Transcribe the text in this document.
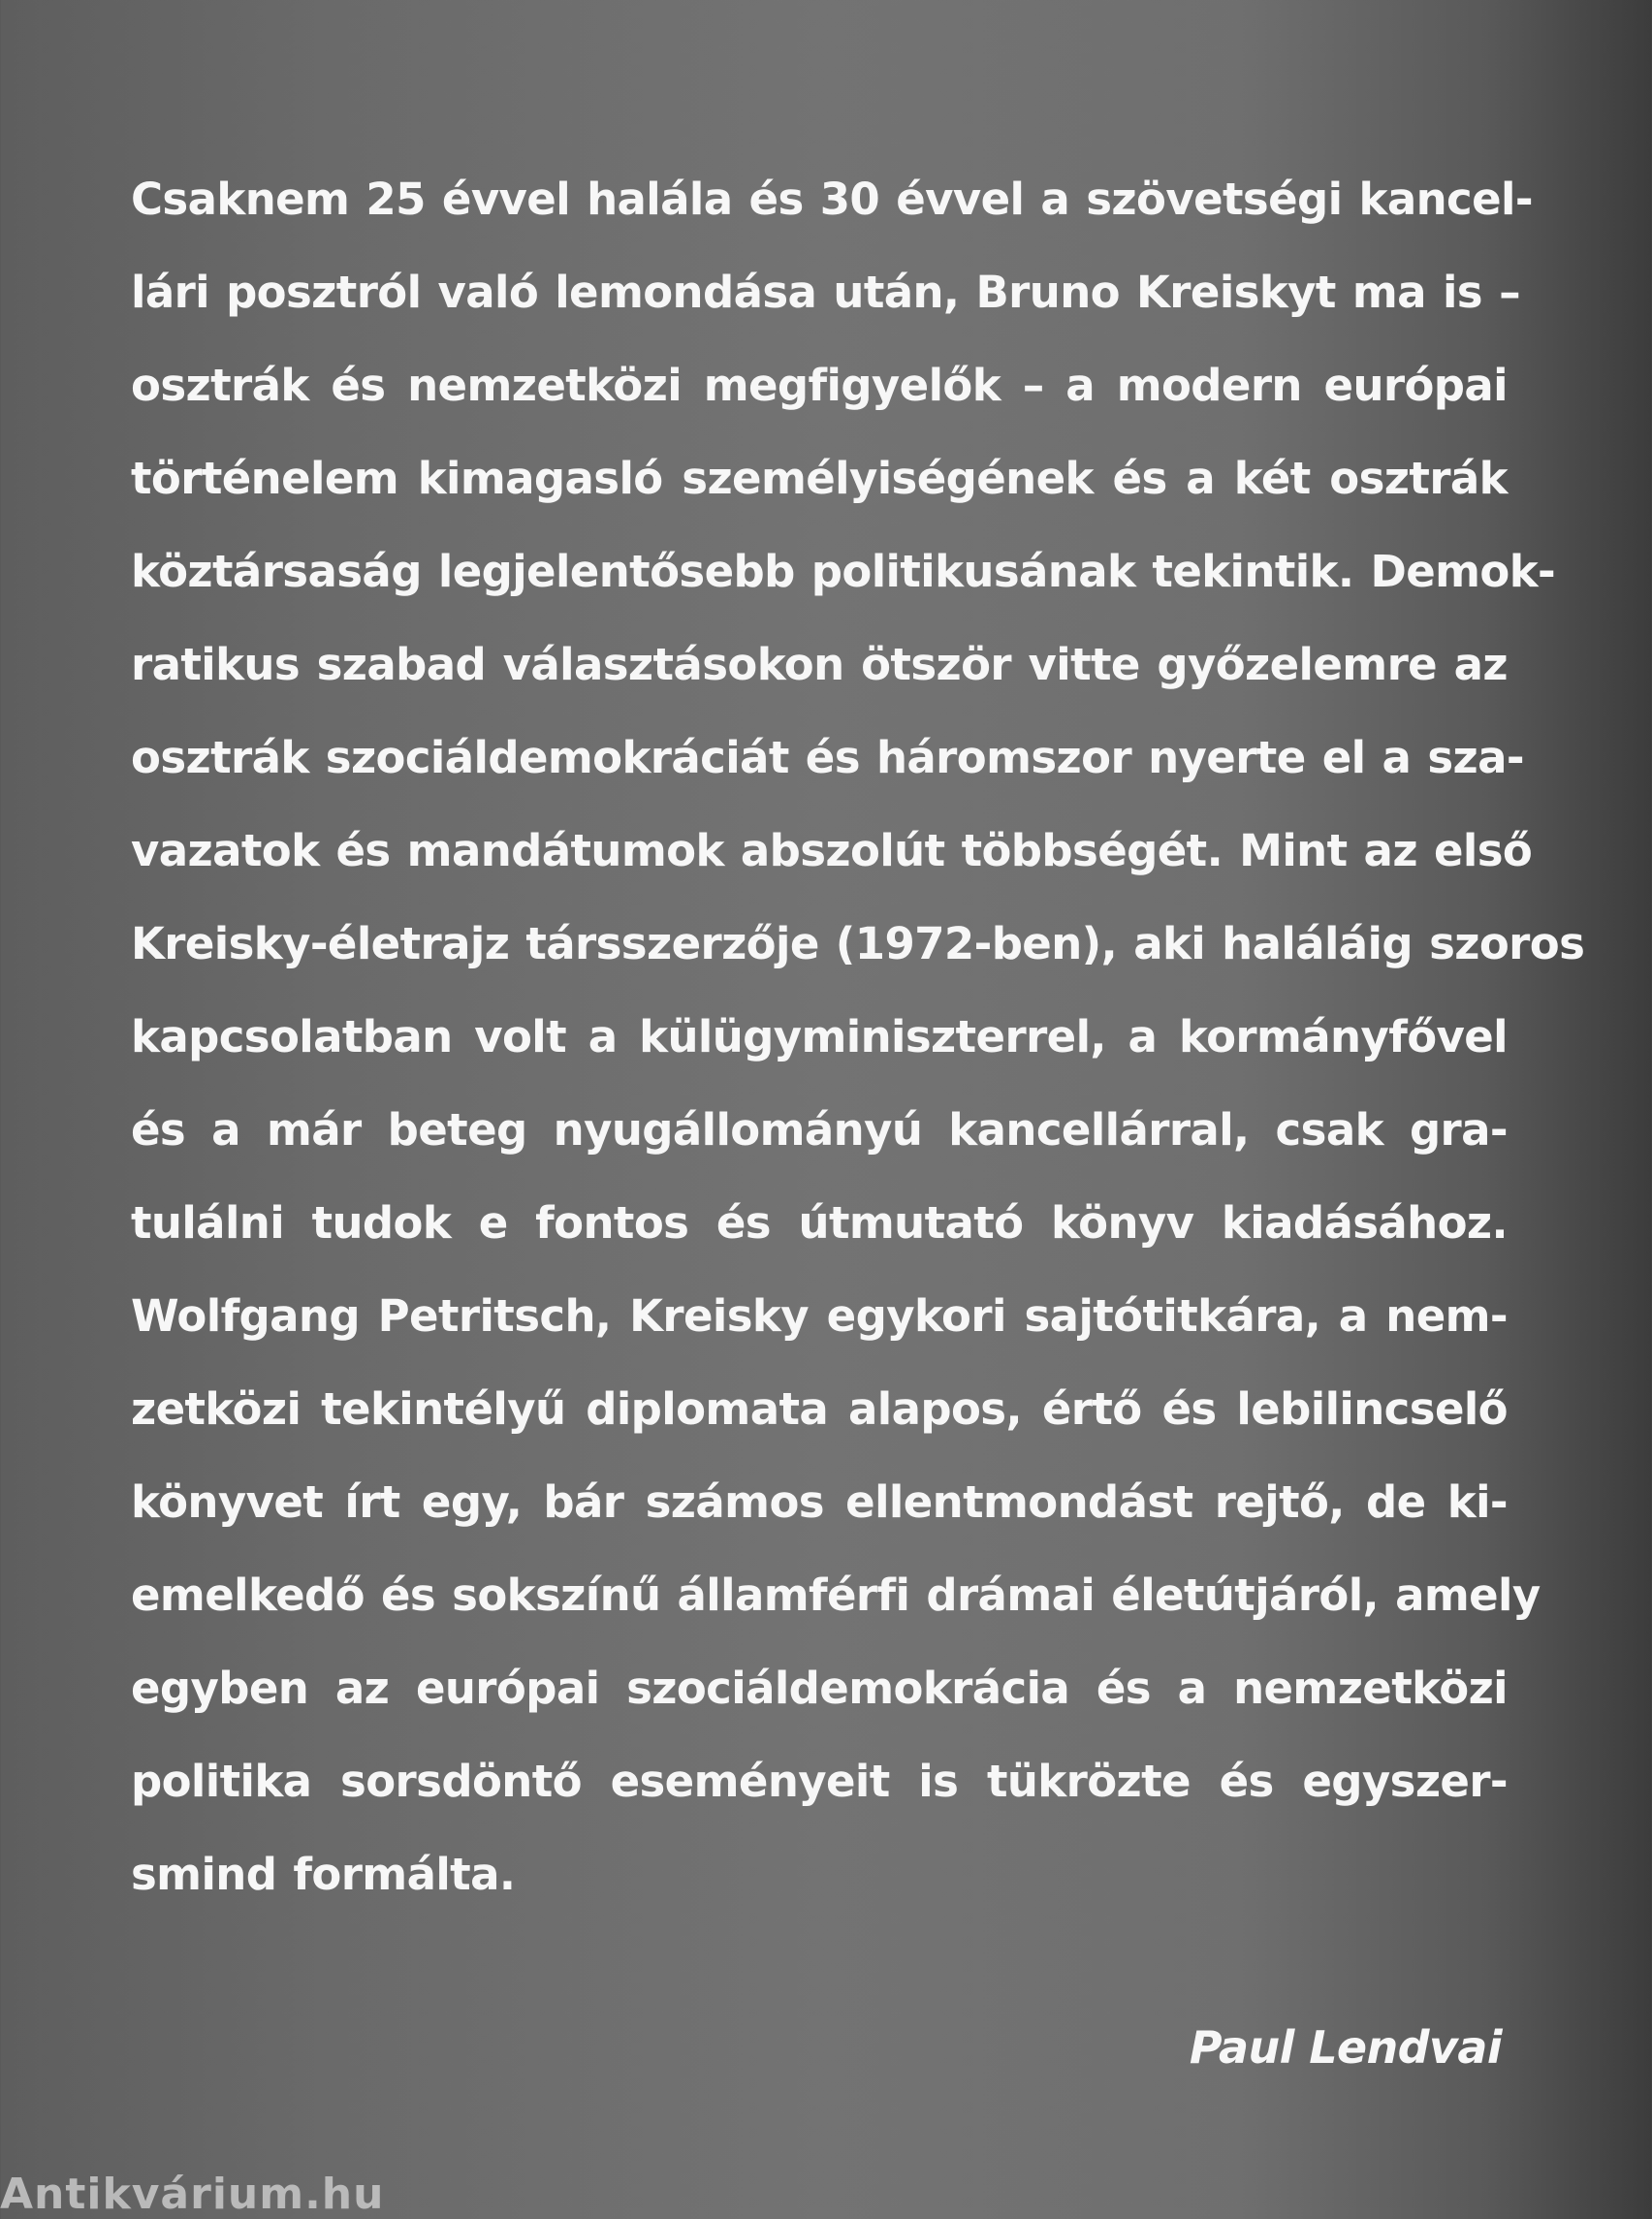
Csaknem 25 évvel halála és 30 évvel a szövetségi kancel-
lári posztról való lemondása után, Bruno Kreiskyt ma is –
osztrák és nemzetközi megfigyelők – a modern európai
történelem kimagasló személyiségének és a két osztrák
köztársaság legjelentősebb politikusának tekintik. Demok-
ratikus szabad választásokon ötször vitte győzelemre az
osztrák szociáldemokráciát és háromszor nyerte el a sza-
vazatok és mandátumok abszolút többségét. Mint az első
Kreisky-életrajz társszerzője (1972-ben), aki haláláig szoros
kapcsolatban volt a külügyminiszterrel, a kormányfővel
és a már beteg nyugállományú kancellárral, csak gra-
tulálni tudok e fontos és útmutató könyv kiadásához.
Wolfgang Petritsch, Kreisky egykori sajtótitkára, a nem-
zetközi tekintélyű diplomata alapos, értő és lebilincselő
könyvet írt egy, bár számos ellentmondást rejtő, de ki-
emelkedő és sokszínű államférfi drámai életútjáról, amely
egyben az európai szociáldemokrácia és a nemzetközi
politika sorsdöntő eseményeit is tükrözte és egyszer-
smind formálta.
Paul Lendvai
Antikvárium.hu
